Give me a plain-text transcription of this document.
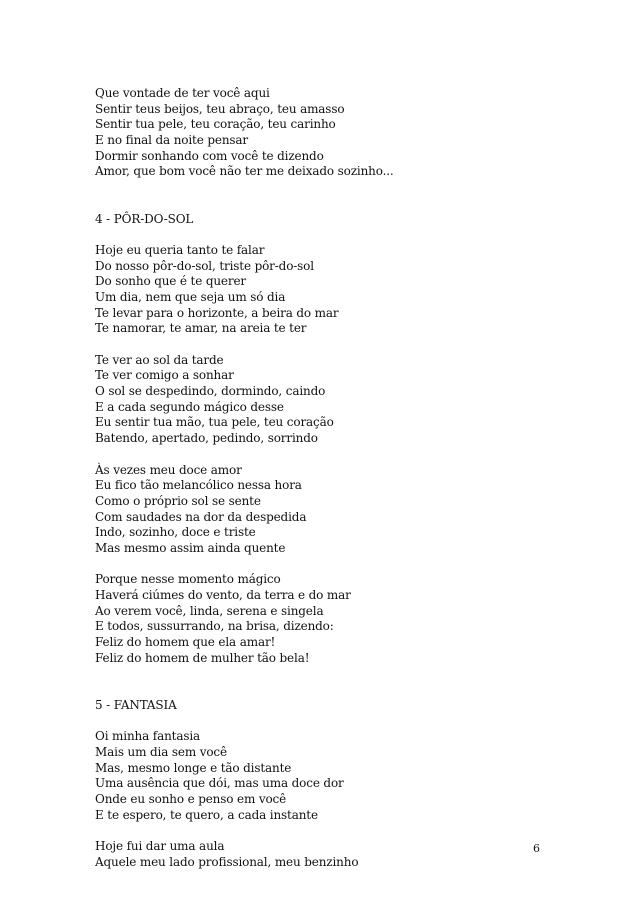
Que vontade de ter você aqui
Sentir teus beijos, teu abraço, teu amasso
Sentir tua pele, teu coração, teu carinho
E no final da noite pensar
Dormir sonhando com você te dizendo
Amor, que bom você não ter me deixado sozinho...
4 - PÔR-DO-SOL
Hoje eu queria tanto te falar
Do nosso pôr-do-sol, triste pôr-do-sol
Do sonho que é te querer
Um dia, nem que seja um só dia
Te levar para o horizonte, a beira do mar
Te namorar, te amar, na areia te ter
Te ver ao sol da tarde
Te ver comigo a sonhar
O sol se despedindo, dormindo, caindo
E a cada segundo mágico desse
Eu sentir tua mão, tua pele, teu coração
Batendo, apertado, pedindo, sorrindo
Às vezes meu doce amor
Eu fico tão melancólico nessa hora
Como o próprio sol se sente
Com saudades na dor da despedida
Indo, sozinho, doce e triste
Mas mesmo assim ainda quente
Porque nesse momento mágico
Haverá ciúmes do vento, da terra e do mar
Ao verem você, linda, serena e singela
E todos, sussurrando, na brisa, dizendo:
Feliz do homem que ela amar!
Feliz do homem de mulher tão bela!
5 - FANTASIA
Oi minha fantasia
Mais um dia sem você
Mas, mesmo longe e tão distante
Uma ausência que dói, mas uma doce dor
Onde eu sonho e penso em você
E te espero, te quero, a cada instante
Hoje fui dar uma aula
Aquele meu lado profissional, meu benzinho
6
